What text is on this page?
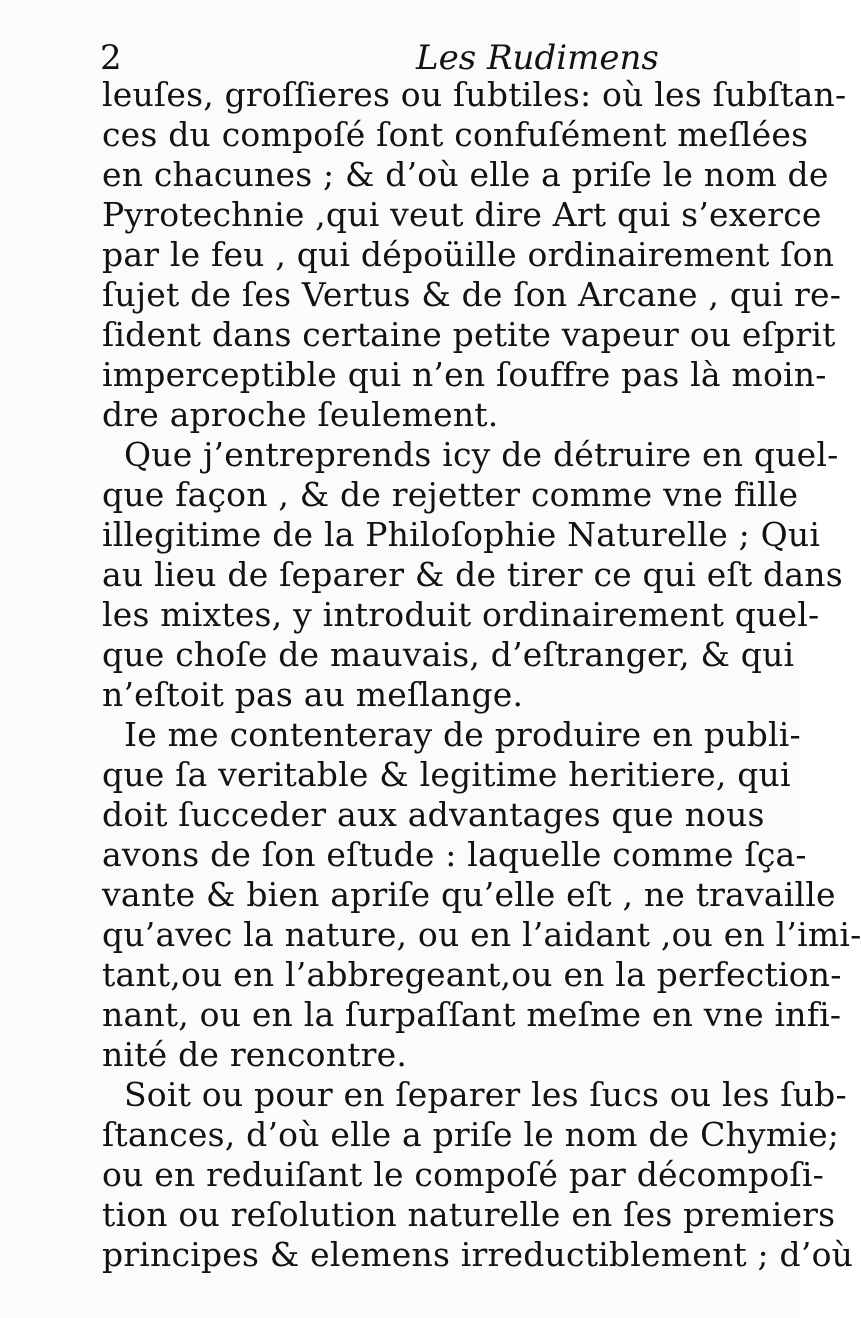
2	Les Rudimens
leuſes, groſſieres ou ſubtiles: où les ſubſtan-
ces du compoſé ſont confuſément meſlées
en chacunes ; & d’où elle a priſe le nom de
Pyrotechnie ,qui veut dire Art qui s’exerce
par le feu , qui dépoüille ordinairement ſon
ſujet de ſes Vertus & de ſon Arcane , qui re-
ſident dans certaine petite vapeur ou eſprit
imperceptible qui n’en ſouffre pas là moin-
dre aproche ſeulement.
Que j’entreprends icy de détruire en quel-
que façon , & de rejetter comme vne fille
illegitime de la Philoſophie Naturelle ; Qui
au lieu de ſeparer & de tirer ce qui eſt dans
les mixtes, y introduit ordinairement quel-
que choſe de mauvais, d’eſtranger, & qui
n’eſtoit pas au meſlange.
Ie me contenteray de produire en publi-
que ſa veritable & legitime heritiere, qui
doit ſucceder aux advantages que nous
avons de ſon eſtude : laquelle comme ſça-
vante & bien apriſe qu’elle eſt , ne travaille
qu’avec la nature, ou en l’aidant ,ou en l’imi-
tant,ou en l’abbregeant,ou en la perfection-
nant, ou en la ſurpaſſant meſme en vne infi-
nité de rencontre.
Soit ou pour en ſeparer les ſucs ou les ſub-
ſtances, d’où elle a priſe le nom de Chymie;
ou en reduiſant le compoſé par décompoſi-
tion ou reſolution naturelle en ſes premiers
principes & elemens irreductiblement ; d’où
